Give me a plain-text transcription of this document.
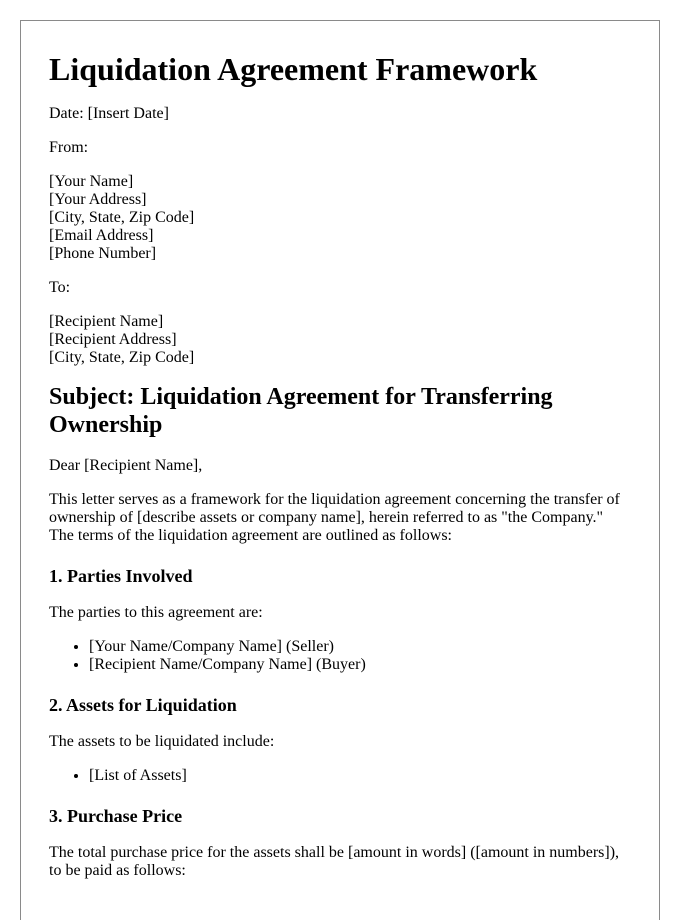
Liquidation Agreement Framework

Date: [Insert Date]

From:

[Your Name]
[Your Address]
[City, State, Zip Code]
[Email Address]
[Phone Number]

To:

[Recipient Name]
[Recipient Address]
[City, State, Zip Code]
Subject: Liquidation Agreement for Transferring Ownership

Dear [Recipient Name],

This letter serves as a framework for the liquidation agreement concerning the transfer of ownership of [describe assets or company name], herein referred to as "the Company." The terms of the liquidation agreement are outlined as follows:

1. Parties Involved

The parties to this agreement are:

• [Your Name/Company Name] (Seller)
• [Recipient Name/Company Name] (Buyer)
2. Assets for Liquidation

The assets to be liquidated include:

• [List of Assets]
3. Purchase Price

The total purchase price for the assets shall be [amount in words] ([amount in numbers]), to be paid as follows:
